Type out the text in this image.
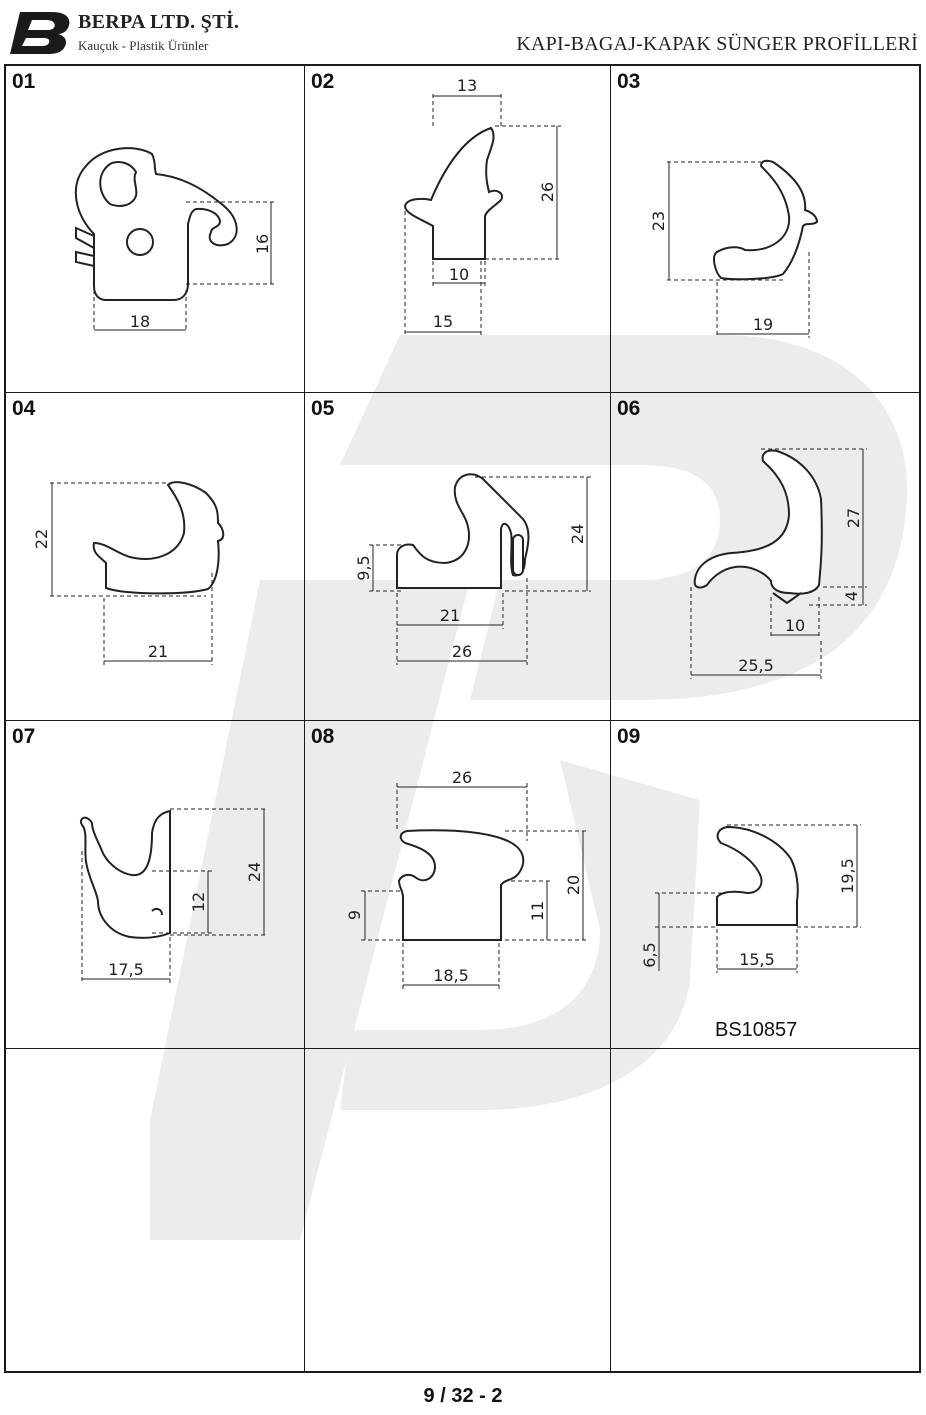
BERPA LTD. ŞTİ.
Kauçuk - Plastik Ürünler	KAPI-BAGAJ-KAPAK SÜNGER PROFİLLERİ
01
16
18
02	13
26
10
15
03
23
19
04
22
21
05
24
9,5
21
26
06
27
4
10
25,5
07
24
12
17,5
08
26
20
9	11
18,5
09
19,5
6,5	15,5
BS10857
9 / 32 - 2
